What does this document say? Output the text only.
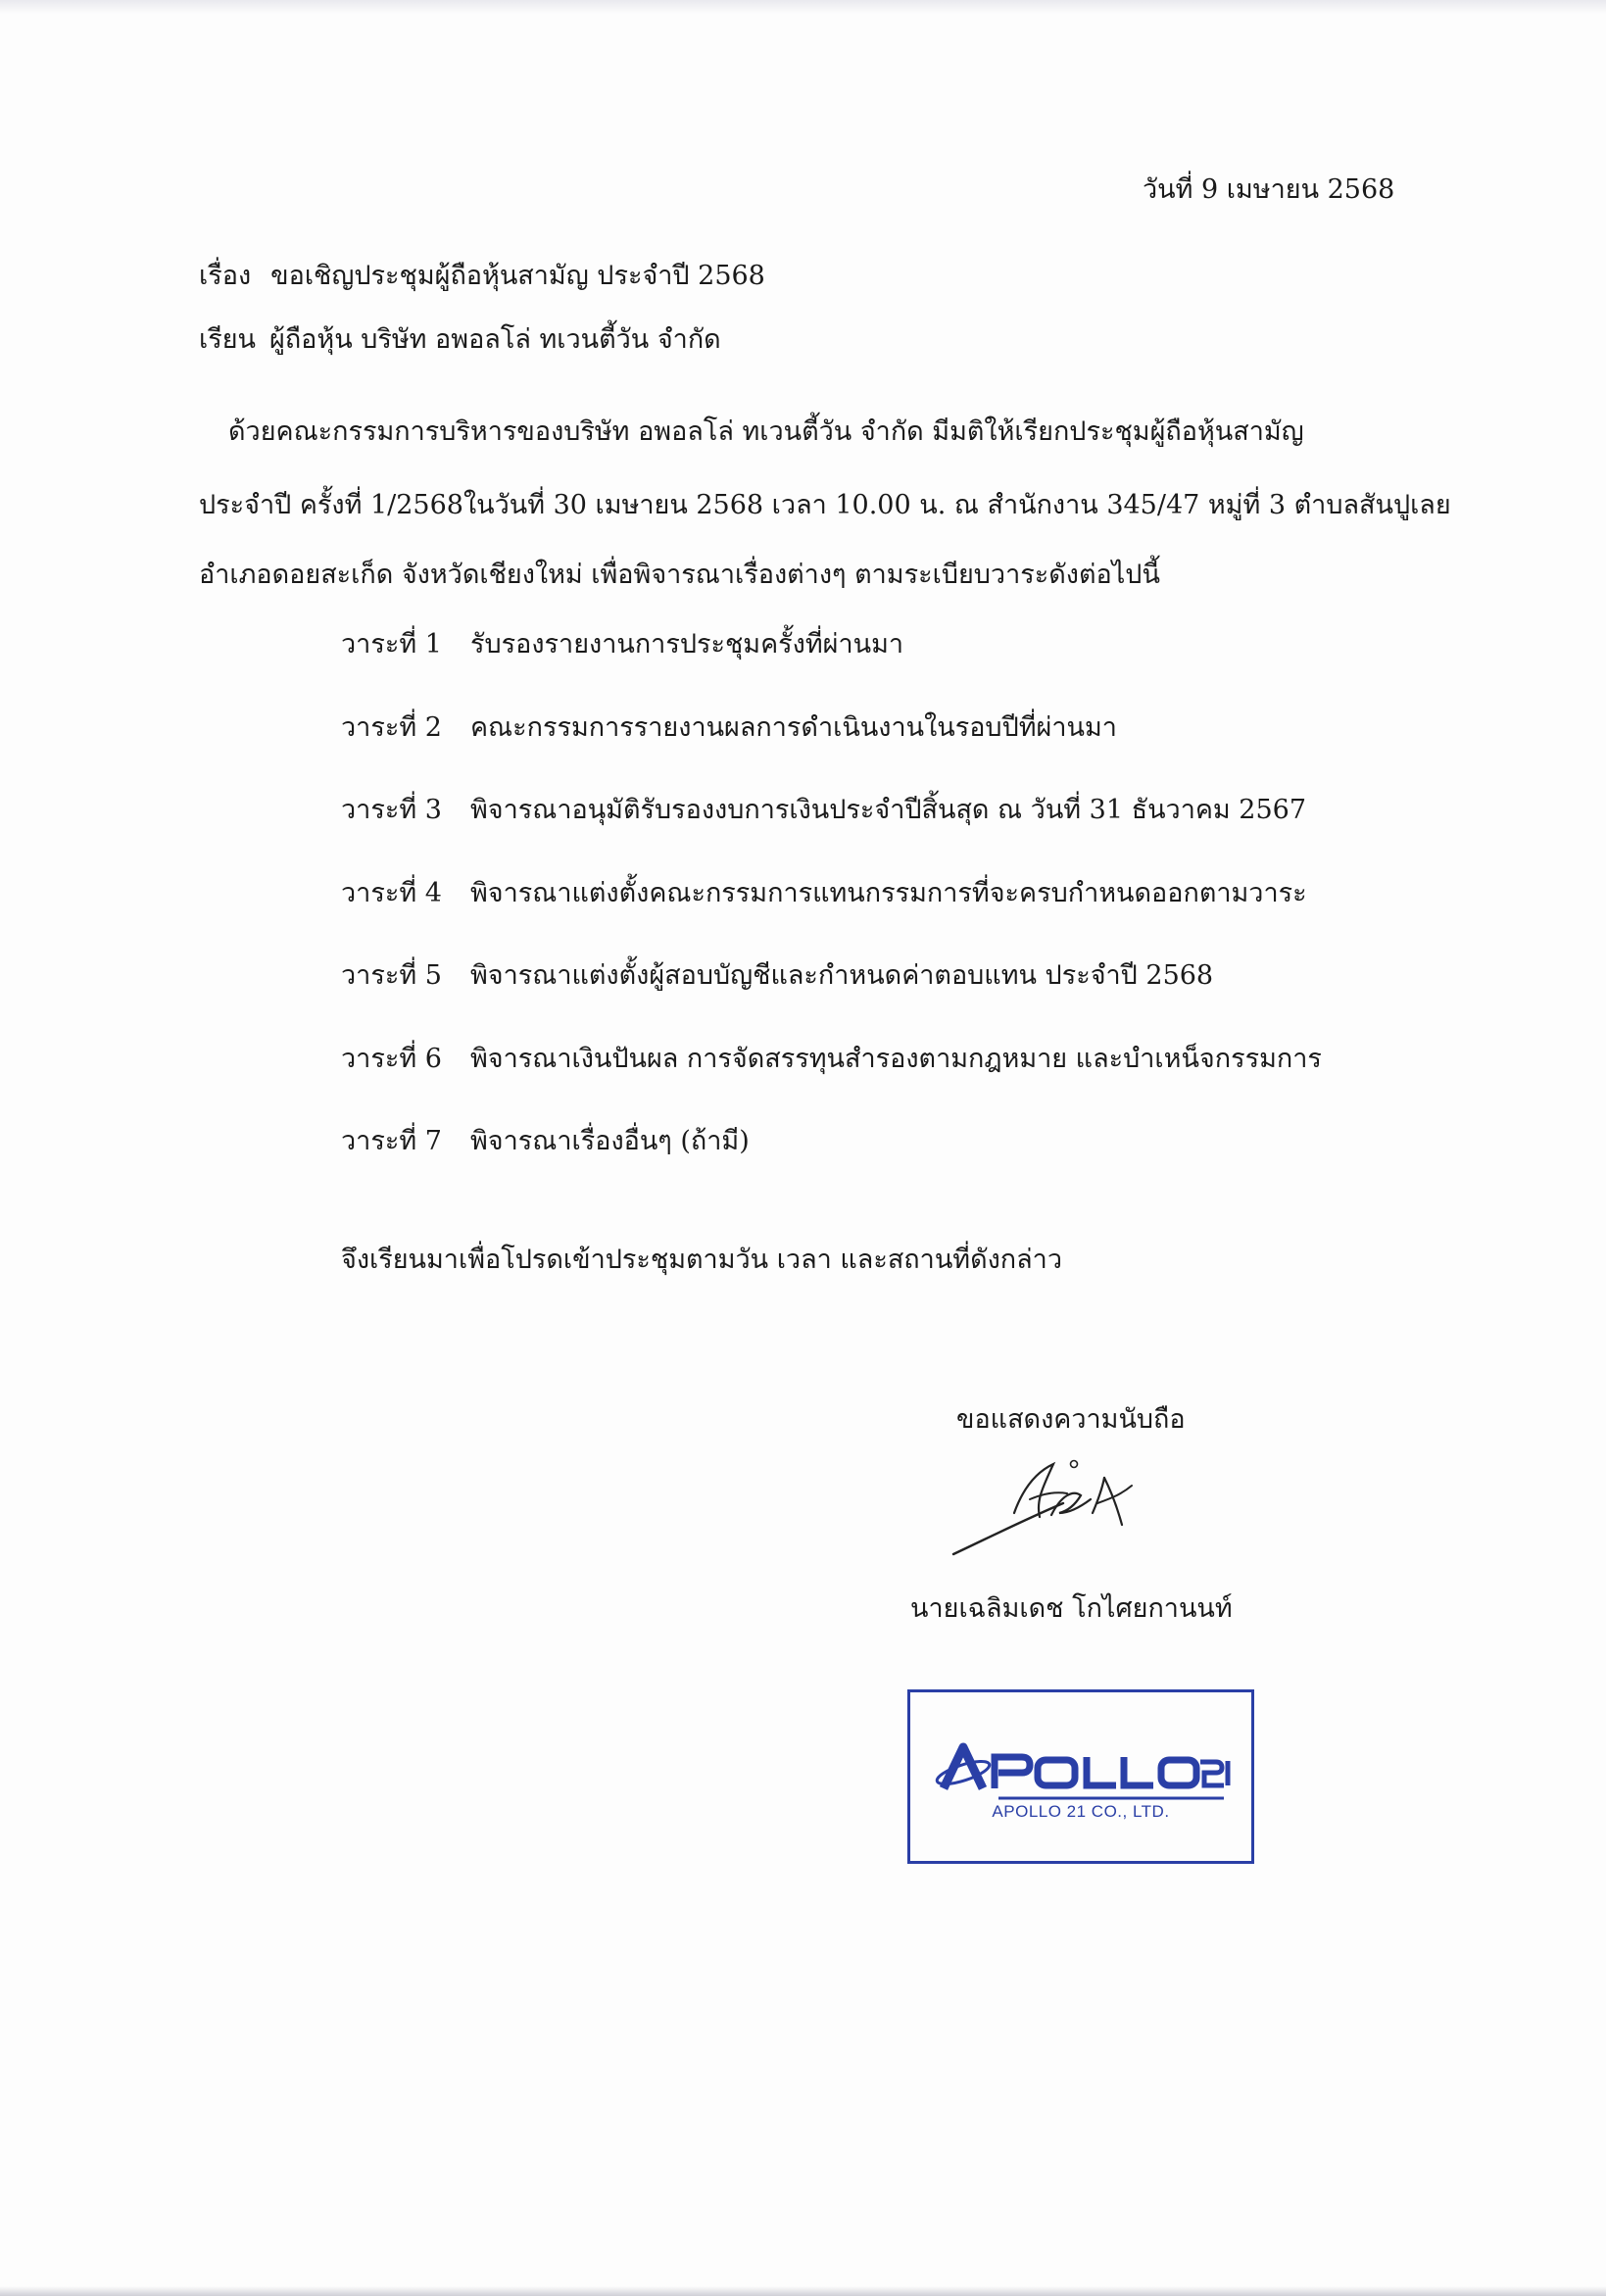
วันที่ 9 เมษายน 2568
เรื่อง ขอเชิญประชุมผู้ถือหุ้นสามัญ ประจำปี 2568
เรียน ผู้ถือหุ้น บริษัท อพอลโล่ ทเวนตี้วัน จำกัด
ด้วยคณะกรรมการบริหารของบริษัท อพอลโล่ ทเวนตี้วัน จำกัด มีมติให้เรียกประชุมผู้ถือหุ้นสามัญ
ประจำปี ครั้งที่ 1/2568ในวันที่ 30 เมษายน 2568 เวลา 10.00 น. ณ สำนักงาน 345/47 หมู่ที่ 3 ตำบลสันปูเลย
อำเภอดอยสะเก็ด จังหวัดเชียงใหม่ เพื่อพิจารณาเรื่องต่างๆ ตามระเบียบวาระดังต่อไปนี้
วาระที่ 1 รับรองรายงานการประชุมครั้งที่ผ่านมา
วาระที่ 2 คณะกรรมการรายงานผลการดำเนินงานในรอบปีที่ผ่านมา
วาระที่ 3 พิจารณาอนุมัติรับรองงบการเงินประจำปีสิ้นสุด ณ วันที่ 31 ธันวาคม 2567
วาระที่ 4 พิจารณาแต่งตั้งคณะกรรมการแทนกรรมการที่จะครบกำหนดออกตามวาระ
วาระที่ 5 พิจารณาแต่งตั้งผู้สอบบัญชีและกำหนดค่าตอบแทน ประจำปี 2568
วาระที่ 6 พิจารณาเงินปันผล การจัดสรรทุนสำรองตามกฎหมาย และบำเหน็จกรรมการ
วาระที่ 7 พิจารณาเรื่องอื่นๆ (ถ้ามี)
จึงเรียนมาเพื่อโปรดเข้าประชุมตามวัน เวลา และสถานที่ดังกล่าว
ขอแสดงความนับถือ
นายเฉลิมเดช โกไศยกานนท์
APOLLO 21 CO., LTD.
